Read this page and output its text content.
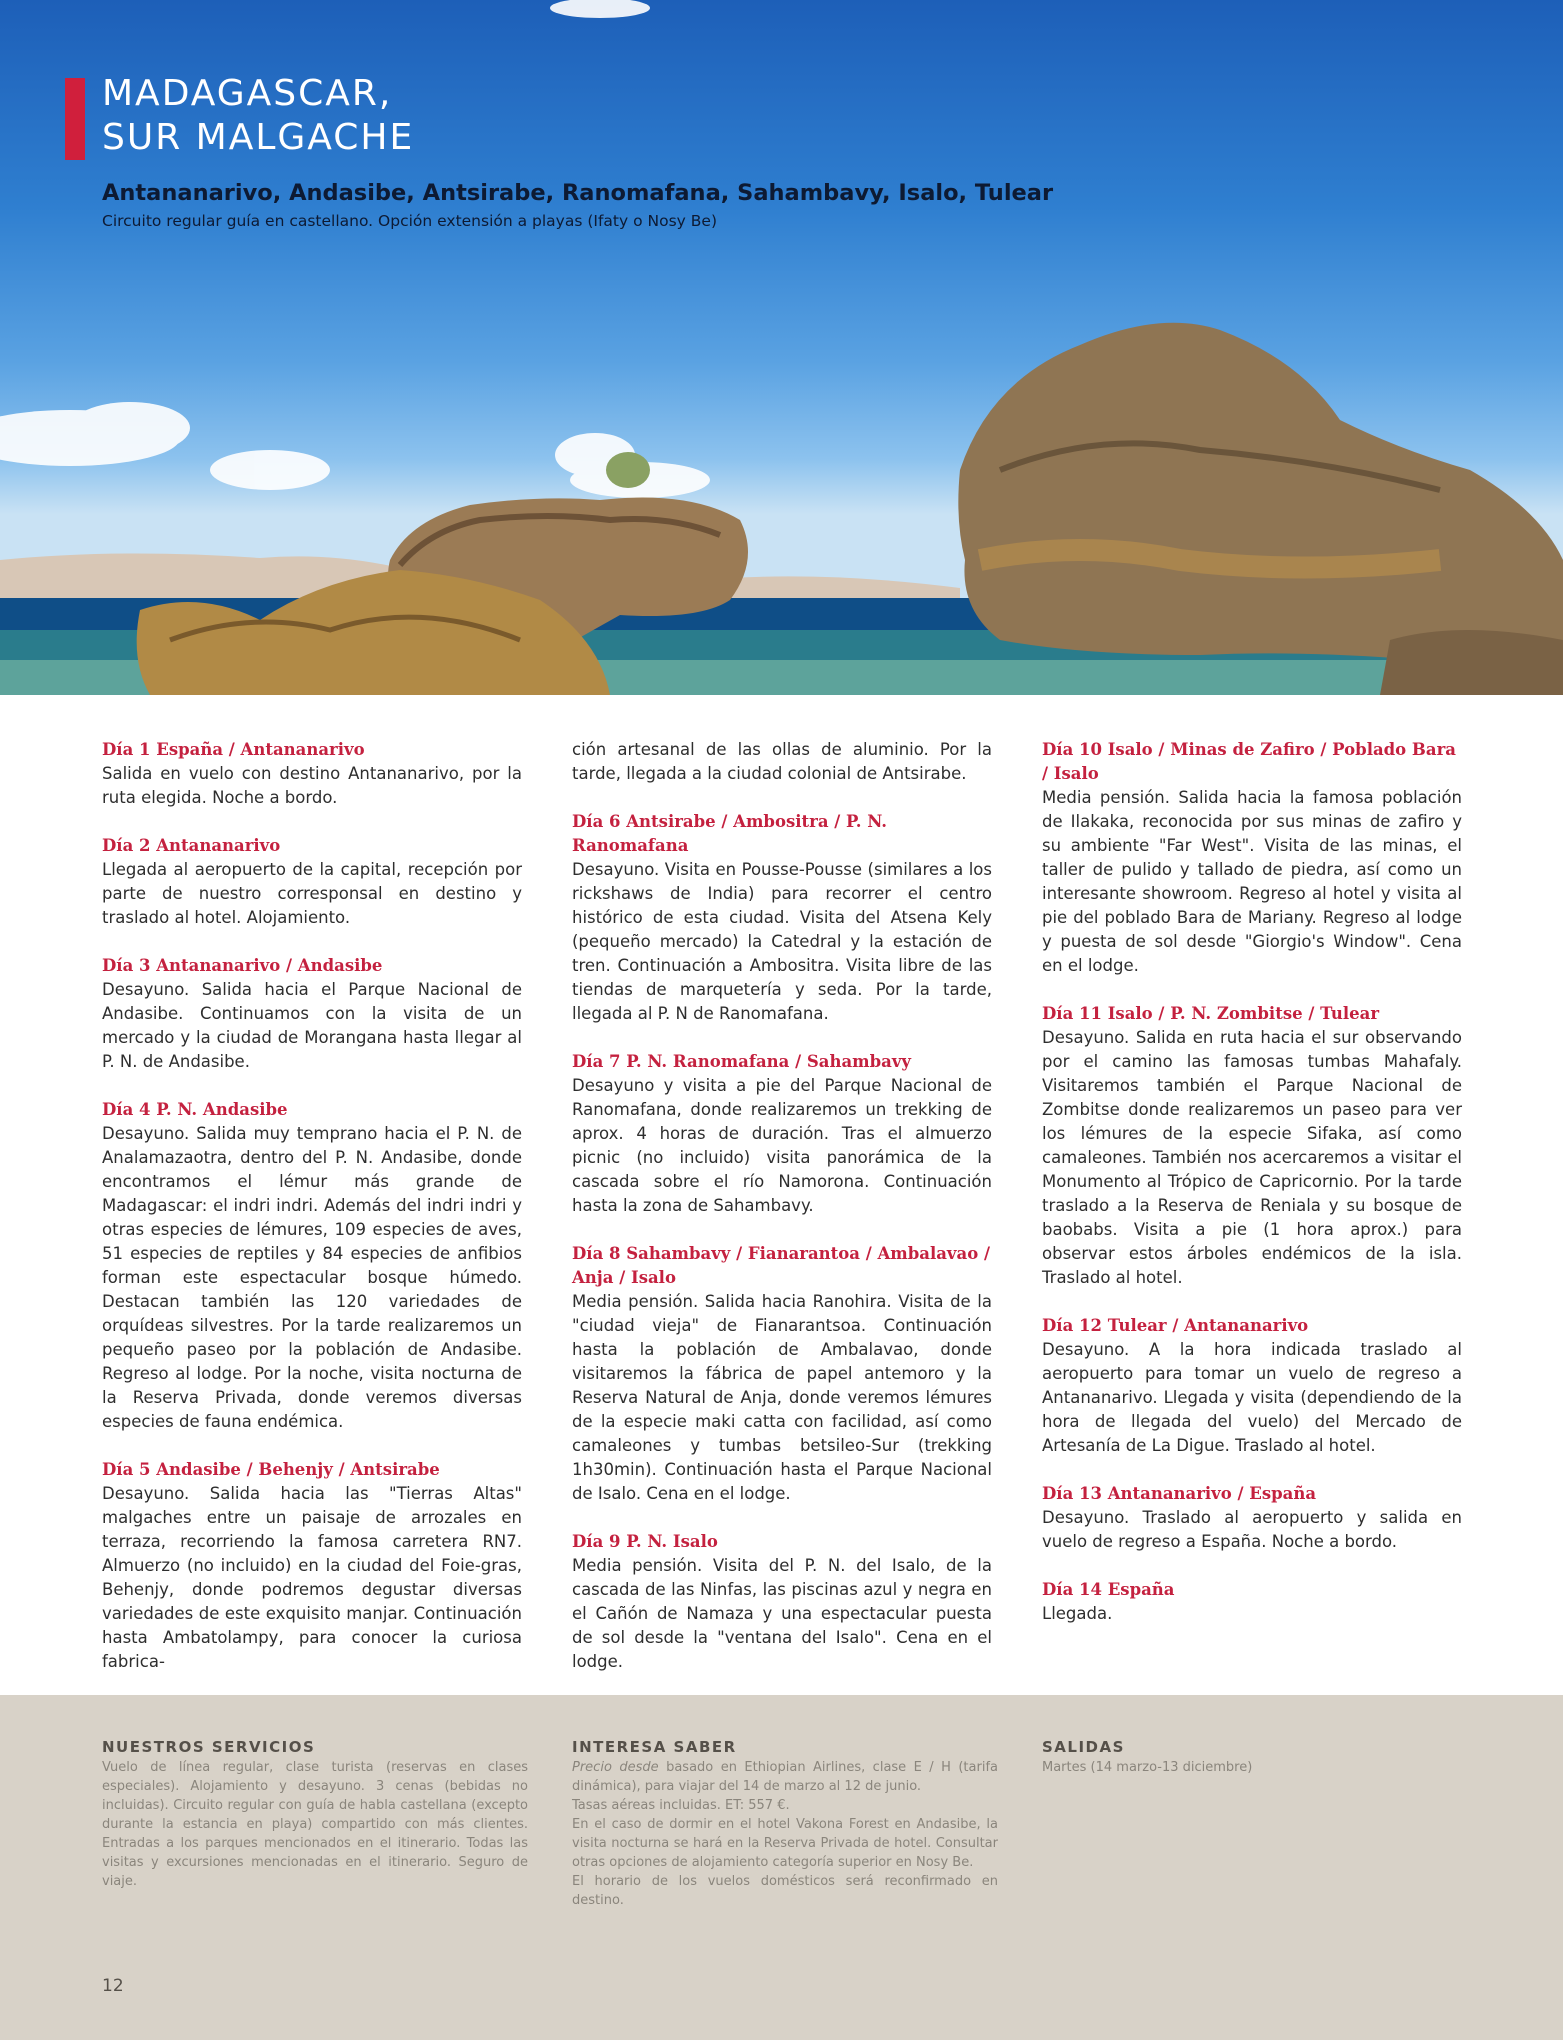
MADAGASCAR,
SUR MALGACHE
Antananarivo, Andasibe, Antsirabe, Ranomafana, Sahambavy, Isalo, Tulear
Circuito regular guía en castellano. Opción extensión a playas (Ifaty o Nosy Be)

Día 1 España / Antananarivo

Salida en vuelo con destino Antananarivo, por la ruta elegida. Noche a bordo.

Día 2 Antananarivo

Llegada al aeropuerto de la capital, recepción por parte de nuestro corresponsal en destino y traslado al hotel. Alojamiento.

Día 3 Antananarivo / Andasibe

Desayuno. Salida hacia el Parque Nacional de Andasibe. Continuamos con la visita de un mercado y la ciudad de Morangana hasta llegar al P. N. de Andasibe.

Día 4 P. N. Andasibe

Desayuno. Salida muy temprano hacia el P. N. de Analamazaotra, dentro del P. N. Andasibe, donde encontramos el lémur más grande de Madagascar: el indri indri. Además del indri indri y otras especies de lémures, 109 especies de aves, 51 especies de reptiles y 84 especies de anfibios forman este espectacular bosque húmedo. Destacan también las 120 variedades de orquídeas silvestres. Por la tarde realizaremos un pequeño paseo por la población de Andasibe. Regreso al lodge. Por la noche, visita nocturna de la Reserva Privada, donde veremos diversas especies de fauna endémica.

Día 5 Andasibe / Behenjy / Antsirabe

Desayuno. Salida hacia las "Tierras Altas" malgaches entre un paisaje de arrozales en terraza, recorriendo la famosa carretera RN7. Almuerzo (no incluido) en la ciudad del Foie-gras, Behenjy, donde podremos degustar diversas variedades de este exquisito manjar. Continuación hasta Ambatolampy, para conocer la curiosa fabrica-

ción artesanal de las ollas de aluminio. Por la tarde, llegada a la ciudad colonial de Antsirabe.

Día 6 Antsirabe / Ambositra / P. N. Ranomafana

Desayuno. Visita en Pousse-Pousse (similares a los rickshaws de India) para recorrer el centro histórico de esta ciudad. Visita del Atsena Kely (pequeño mercado) la Catedral y la estación de tren. Continuación a Ambositra. Visita libre de las tiendas de marquetería y seda. Por la tarde, llegada al P. N de Ranomafana.

Día 7 P. N. Ranomafana / Sahambavy

Desayuno y visita a pie del Parque Nacional de Ranomafana, donde realizaremos un trekking de aprox. 4 horas de duración. Tras el almuerzo picnic (no incluido) visita panorámica de la cascada sobre el río Namorona. Continuación hasta la zona de Sahambavy.

Día 8 Sahambavy / Fianarantoa / Ambalavao / Anja / Isalo

Media pensión. Salida hacia Ranohira. Visita de la "ciudad vieja" de Fianarantsoa. Continuación hasta la población de Ambalavao, donde visitaremos la fábrica de papel antemoro y la Reserva Natural de Anja, donde veremos lémures de la especie maki catta con facilidad, así como camaleones y tumbas betsileo-Sur (trekking 1h30min). Continuación hasta el Parque Nacional de Isalo. Cena en el lodge.

Día 9 P. N. Isalo

Media pensión. Visita del P. N. del Isalo, de la cascada de las Ninfas, las piscinas azul y negra en el Cañón de Namaza y una espectacular puesta de sol desde la "ventana del Isalo". Cena en el lodge.

Día 10 Isalo / Minas de Zafiro / Poblado Bara / Isalo

Media pensión. Salida hacia la famosa población de Ilakaka, reconocida por sus minas de zafiro y su ambiente "Far West". Visita de las minas, el taller de pulido y tallado de piedra, así como un interesante showroom. Regreso al hotel y visita al pie del poblado Bara de Mariany. Regreso al lodge y puesta de sol desde "Giorgio's Window". Cena en el lodge.

Día 11 Isalo / P. N. Zombitse / Tulear

Desayuno. Salida en ruta hacia el sur observando por el camino las famosas tumbas Mahafaly. Visitaremos también el Parque Nacional de Zombitse donde realizaremos un paseo para ver los lémures de la especie Sifaka, así como camaleones. También nos acercaremos a visitar el Monumento al Trópico de Capricornio. Por la tarde traslado a la Reserva de Reniala y su bosque de baobabs. Visita a pie (1 hora aprox.) para observar estos árboles endémicos de la isla. Traslado al hotel.

Día 12 Tulear / Antananarivo

Desayuno. A la hora indicada traslado al aeropuerto para tomar un vuelo de regreso a Antananarivo. Llegada y visita (dependiendo de la hora de llegada del vuelo) del Mercado de Artesanía de La Digue. Traslado al hotel.

Día 13 Antananarivo / España

Desayuno. Traslado al aeropuerto y salida en vuelo de regreso a España. Noche a bordo.

Día 14 España

Llegada.

NUESTROS SERVICIOS

Vuelo de línea regular, clase turista (reservas en clases especiales). Alojamiento y desayuno. 3 cenas (bebidas no incluidas). Circuito regular con guía de habla castellana (excepto durante la estancia en playa) compartido con más clientes. Entradas a los parques mencionados en el itinerario. Todas las visitas y excursiones mencionadas en el itinerario. Seguro de viaje.

INTERESA SABER

Precio desde basado en Ethiopian Airlines, clase E / H (tarifa dinámica), para viajar del 14 de marzo al 12 de junio.

Tasas aéreas incluidas. ET: 557 €.

En el caso de dormir en el hotel Vakona Forest en Andasibe, la visita nocturna se hará en la Reserva Privada de hotel. Consultar otras opciones de alojamiento categoría superior en Nosy Be.

El horario de los vuelos domésticos será reconfirmado en destino.

SALIDAS

Martes (14 marzo-13 diciembre)

12
